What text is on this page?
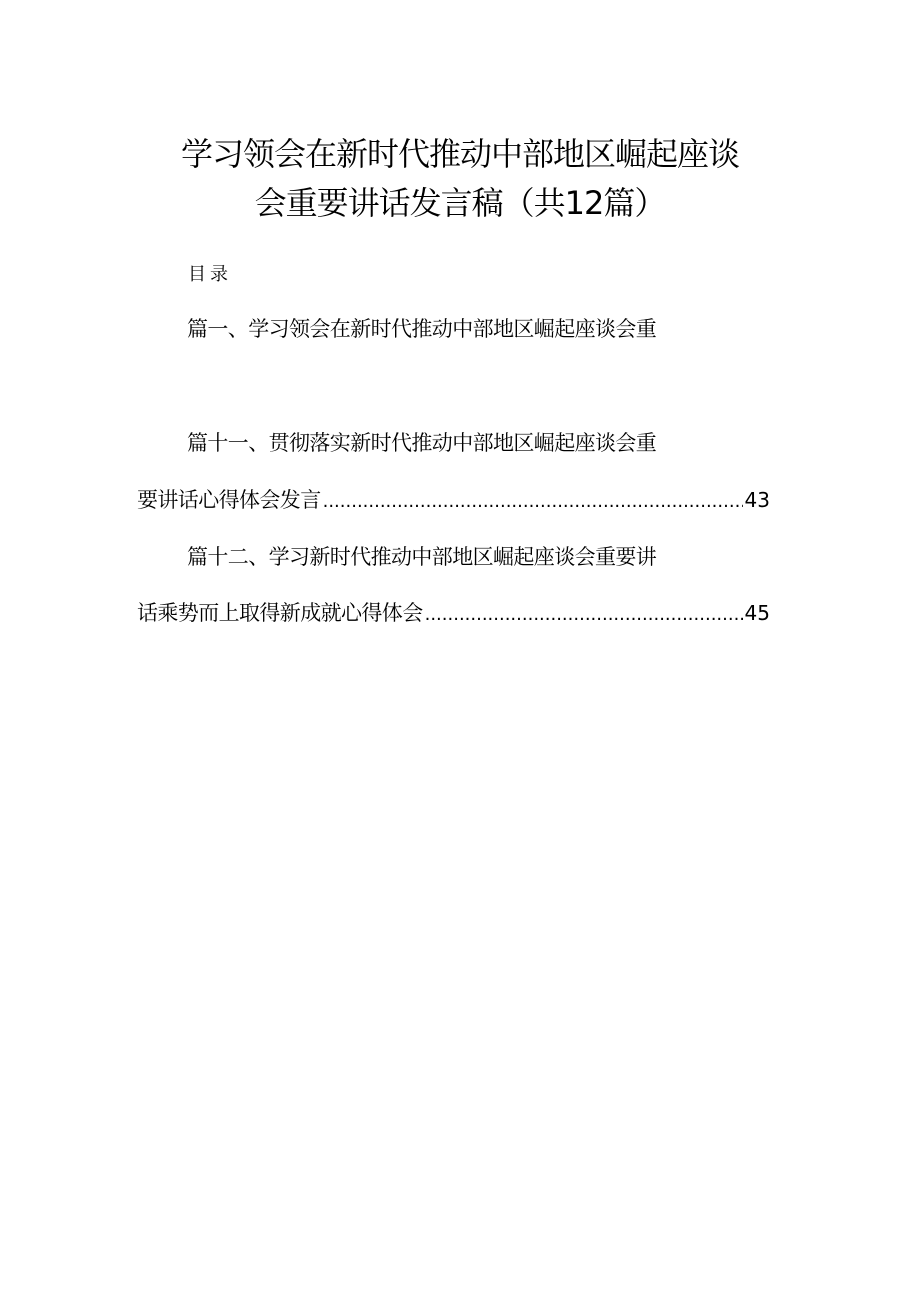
学习领会在新时代推动中部地区崛起座谈
会重要讲话发言稿（共12篇）
目录
篇一、学习领会在新时代推动中部地区崛起座谈会重
篇十一、贯彻落实新时代推动中部地区崛起座谈会重
要讲话心得体会发言 .....	43
篇十二、学习新时代推动中部地区崛起座谈会重要讲
话乘势而上取得新成就心得体会 .....	45
